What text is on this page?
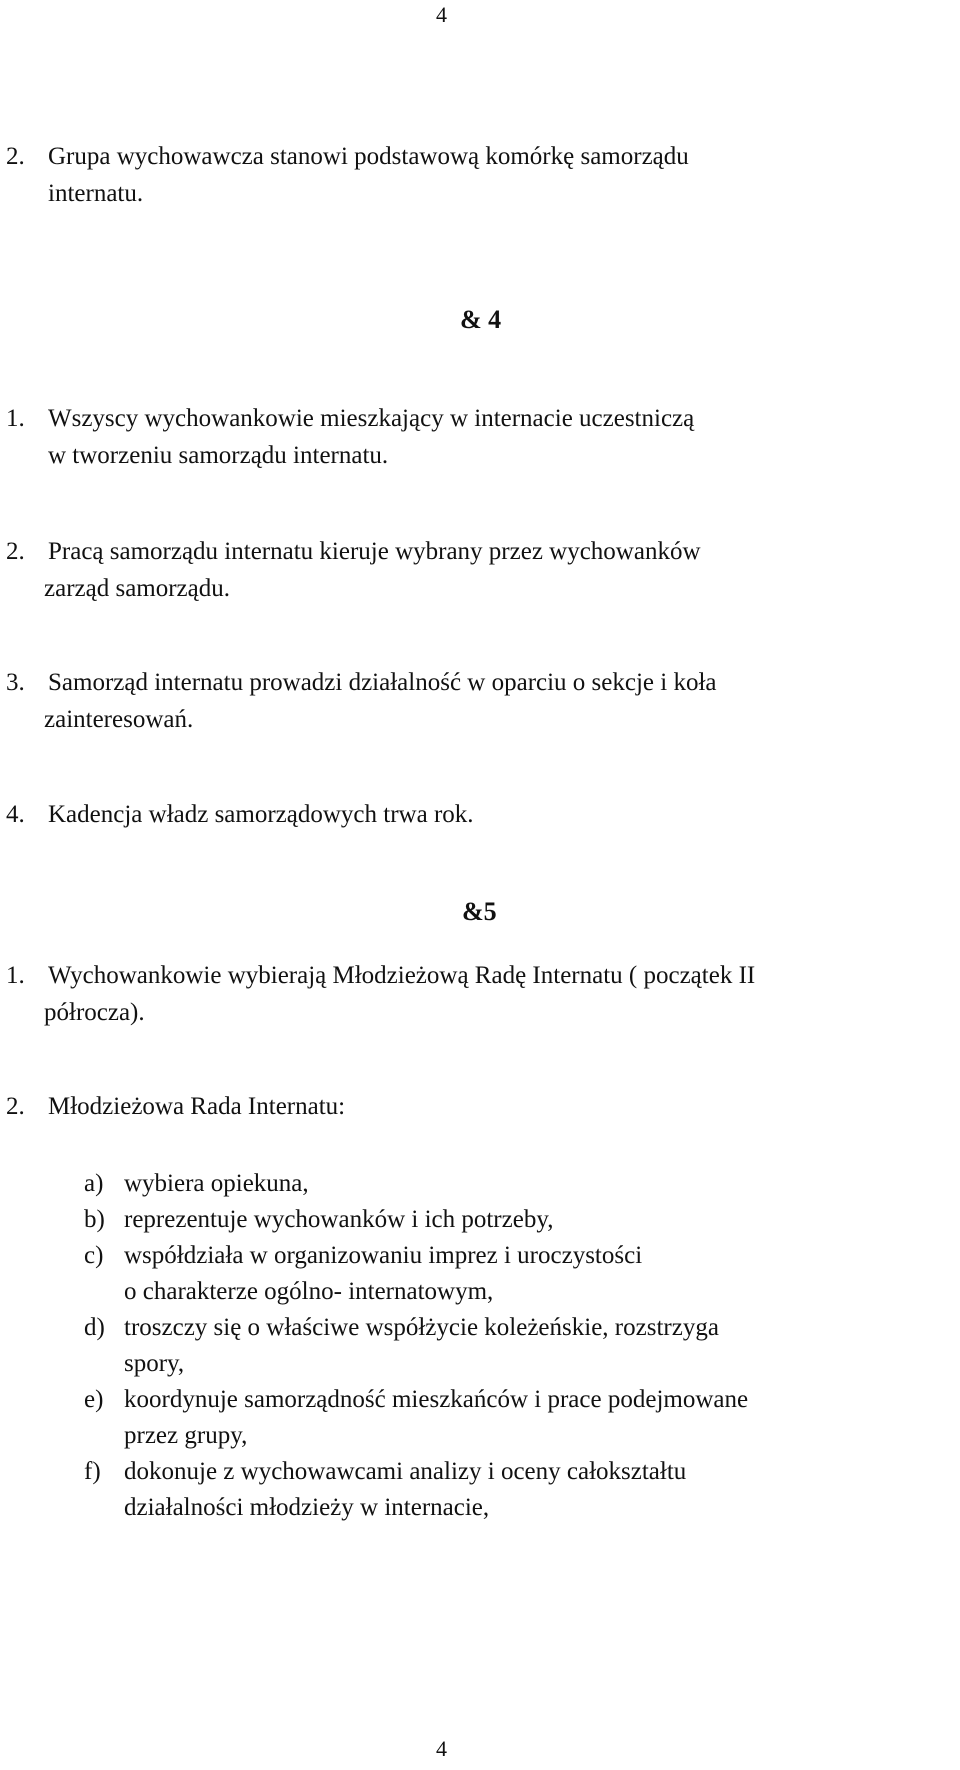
4
2. Grupa wychowawcza stanowi podstawową komórkę samorządu
internatu.
& 4
1. Wszyscy wychowankowie mieszkający w internacie uczestniczą
w tworzeniu samorządu internatu.
2. Pracą samorządu internatu kieruje wybrany przez wychowanków
zarząd samorządu.
3. Samorząd internatu prowadzi działalność w oparciu o sekcje i koła
zainteresowań.
4. Kadencja władz samorządowych trwa rok.
&5
1. Wychowankowie wybierają Młodzieżową Radę Internatu ( początek II
półrocza).
2. Młodzieżowa Rada Internatu:
a) wybiera opiekuna,
b) reprezentuje wychowanków i ich potrzeby,
c) współdziała w organizowaniu imprez i uroczystości
o charakterze ogólno- internatowym,
d) troszczy się o właściwe współżycie koleżeńskie, rozstrzyga
spory,
e) koordynuje samorządność mieszkańców i prace podejmowane
przez grupy,
f) dokonuje z wychowawcami analizy i oceny całokształtu
działalności młodzieży w internacie,
4
